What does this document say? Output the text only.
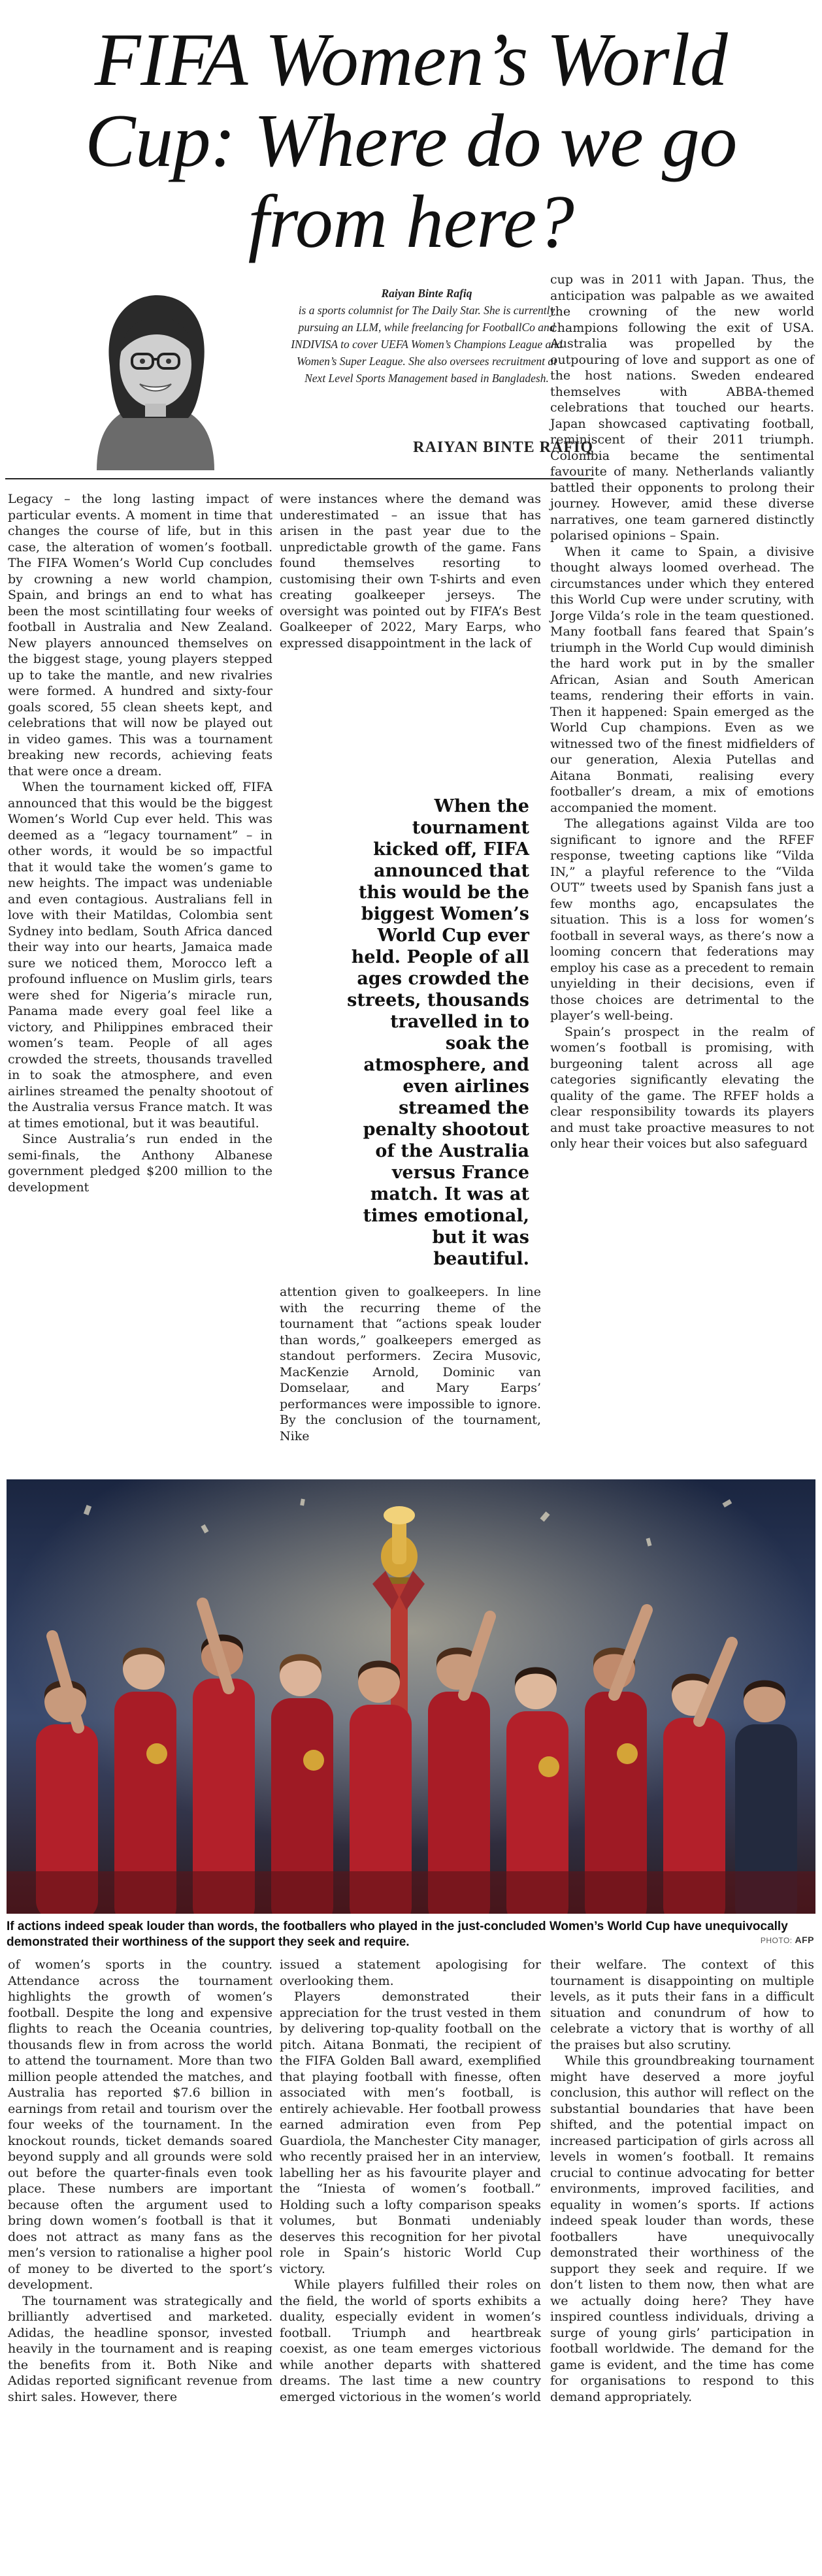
FIFA Women’s World Cup: Where do we go from here?
Raiyan Binte Rafiq
is a sports columnist for The Daily Star. She is currently pursuing an LLM, while freelancing for FootballCo and INDIVISA to cover UEFA Women’s Champions League and Women’s Super League. She also oversees recruitment at Next Level Sports Management based in Bangladesh.
RAIYAN BINTE RAFIQ

Legacy – the long lasting impact of particular events. A moment in time that changes the course of life, but in this case, the alteration of women’s football. The FIFA Women’s World Cup concludes by crowning a new world champion, Spain, and brings an end to what has been the most scintillating four weeks of football in Australia and New Zealand. New players announced themselves on the biggest stage, young players stepped up to take the mantle, and new rivalries were formed. A hundred and sixty-four goals scored, 55 clean sheets kept, and celebrations that will now be played out in video games. This was a tournament breaking new records, achieving feats that were once a dream.

When the tournament kicked off, FIFA announced that this would be the biggest Women’s World Cup ever held. This was deemed as a “legacy tournament” – in other words, it would be so impactful that it would take the women’s game to new heights. The impact was undeniable and even contagious. Australians fell in love with their Matildas, Colombia sent Sydney into bedlam, South Africa danced their way into our hearts, Jamaica made sure we noticed them, Morocco left a profound influence on Muslim girls, tears were shed for Nigeria’s miracle run, Panama made every goal feel like a victory, and Philippines embraced their women’s team. People of all ages crowded the streets, thousands travelled in to soak the atmosphere, and even airlines streamed the penalty shootout of the Australia versus France match. It was at times emotional, but it was beautiful.

Since Australia’s run ended in the semi-finals, the Anthony Albanese government pledged $200 million to the development

were instances where the demand was underestimated – an issue that has arisen in the past year due to the unpredictable growth of the game. Fans found themselves resorting to customising their own T-shirts and even creating goalkeeper jerseys. The oversight was pointed out by FIFA’s Best Goalkeeper of 2022, Mary Earps, who expressed disappointment in the lack of

When the tournament kicked off, FIFA announced that this would be the biggest Women’s World Cup ever held. People of all ages crowded the streets, thousands travelled in to soak the atmosphere, and even airlines streamed the penalty shootout of the Australia versus France match. It was at times emotional, but it was beautiful.

attention given to goalkeepers. In line with the recurring theme of the tournament that “actions speak louder than words,” goalkeepers emerged as standout performers. Zecira Musovic, MacKenzie Arnold, Dominic van Domselaar, and Mary Earps’ performances were impossible to ignore. By the conclusion of the tournament, Nike

cup was in 2011 with Japan. Thus, the anticipation was palpable as we awaited the crowning of the new world champions following the exit of USA. Australia was propelled by the outpouring of love and support as one of the host nations. Sweden endeared themselves with ABBA-themed celebrations that touched our hearts. Japan showcased captivating football, reminiscent of their 2011 triumph. Colombia became the sentimental favourite of many. Netherlands valiantly battled their opponents to prolong their journey. However, amid these diverse narratives, one team garnered distinctly polarised opinions – Spain.

When it came to Spain, a divisive thought always loomed overhead. The circumstances under which they entered this World Cup were under scrutiny, with Jorge Vilda’s role in the team questioned. Many football fans feared that Spain’s triumph in the World Cup would diminish the hard work put in by the smaller African, Asian and South American teams, rendering their efforts in vain. Then it happened: Spain emerged as the World Cup champions. Even as we witnessed two of the finest midfielders of our generation, Alexia Putellas and Aitana Bonmati, realising every footballer’s dream, a mix of emotions accompanied the moment.

The allegations against Vilda are too significant to ignore and the RFEF response, tweeting captions like “Vilda IN,” a playful reference to the “Vilda OUT” tweets used by Spanish fans just a few months ago, encapsulates the situation. This is a loss for women’s football in several ways, as there’s now a looming concern that federations may employ his case as a precedent to remain unyielding in their decisions, even if those choices are detrimental to the player’s well-being.

Spain’s prospect in the realm of women’s football is promising, with burgeoning talent across all age categories significantly elevating the quality of the game. The RFEF holds a clear responsibility towards its players and must take proactive measures to not only hear their voices but also safeguard

If actions indeed speak louder than words, the footballers who played in the just-concluded Women’s World Cup have unequivocally demonstrated their worthiness of the support they seek and require.	PHOTO: AFP

of women’s sports in the country. Attendance across the tournament highlights the growth of women’s football. Despite the long and expensive flights to reach the Oceania countries, thousands flew in from across the world to attend the tournament. More than two million people attended the matches, and Australia has reported $7.6 billion in earnings from retail and tourism over the four weeks of the tournament. In the knockout rounds, ticket demands soared beyond supply and all grounds were sold out before the quarter-finals even took place. These numbers are important because often the argument used to bring down women’s football is that it does not attract as many fans as the men’s version to rationalise a higher pool of money to be diverted to the sport’s development.

The tournament was strategically and brilliantly advertised and marketed. Adidas, the headline sponsor, invested heavily in the tournament and is reaping the benefits from it. Both Nike and Adidas reported significant revenue from shirt sales. However, there

issued a statement apologising for overlooking them.

Players demonstrated their appreciation for the trust vested in them by delivering top-quality football on the pitch. Aitana Bonmati, the recipient of the FIFA Golden Ball award, exemplified that playing football with finesse, often associated with men’s football, is entirely achievable. Her football prowess earned admiration even from Pep Guardiola, the Manchester City manager, who recently praised her in an interview, labelling her as his favourite player and the “Iniesta of women’s football.” Holding such a lofty comparison speaks volumes, but Bonmati undeniably deserves this recognition for her pivotal role in Spain’s historic World Cup victory.

While players fulfilled their roles on the field, the world of sports exhibits a duality, especially evident in women’s football. Triumph and heartbreak coexist, as one team emerges victorious while another departs with shattered dreams. The last time a new country emerged victorious in the women’s world

their welfare. The context of this tournament is disappointing on multiple levels, as it puts their fans in a difficult situation and conundrum of how to celebrate a victory that is worthy of all the praises but also scrutiny.

While this groundbreaking tournament might have deserved a more joyful conclusion, this author will reflect on the substantial boundaries that have been shifted, and the potential impact on increased participation of girls across all levels in women’s football. It remains crucial to continue advocating for better environments, improved facilities, and equality in women’s sports. If actions indeed speak louder than words, these footballers have unequivocally demonstrated their worthiness of the support they seek and require. If we don’t listen to them now, then what are we actually doing here? They have inspired countless individuals, driving a surge of young girls’ participation in football worldwide. The demand for the game is evident, and the time has come for organisations to respond to this demand appropriately.
